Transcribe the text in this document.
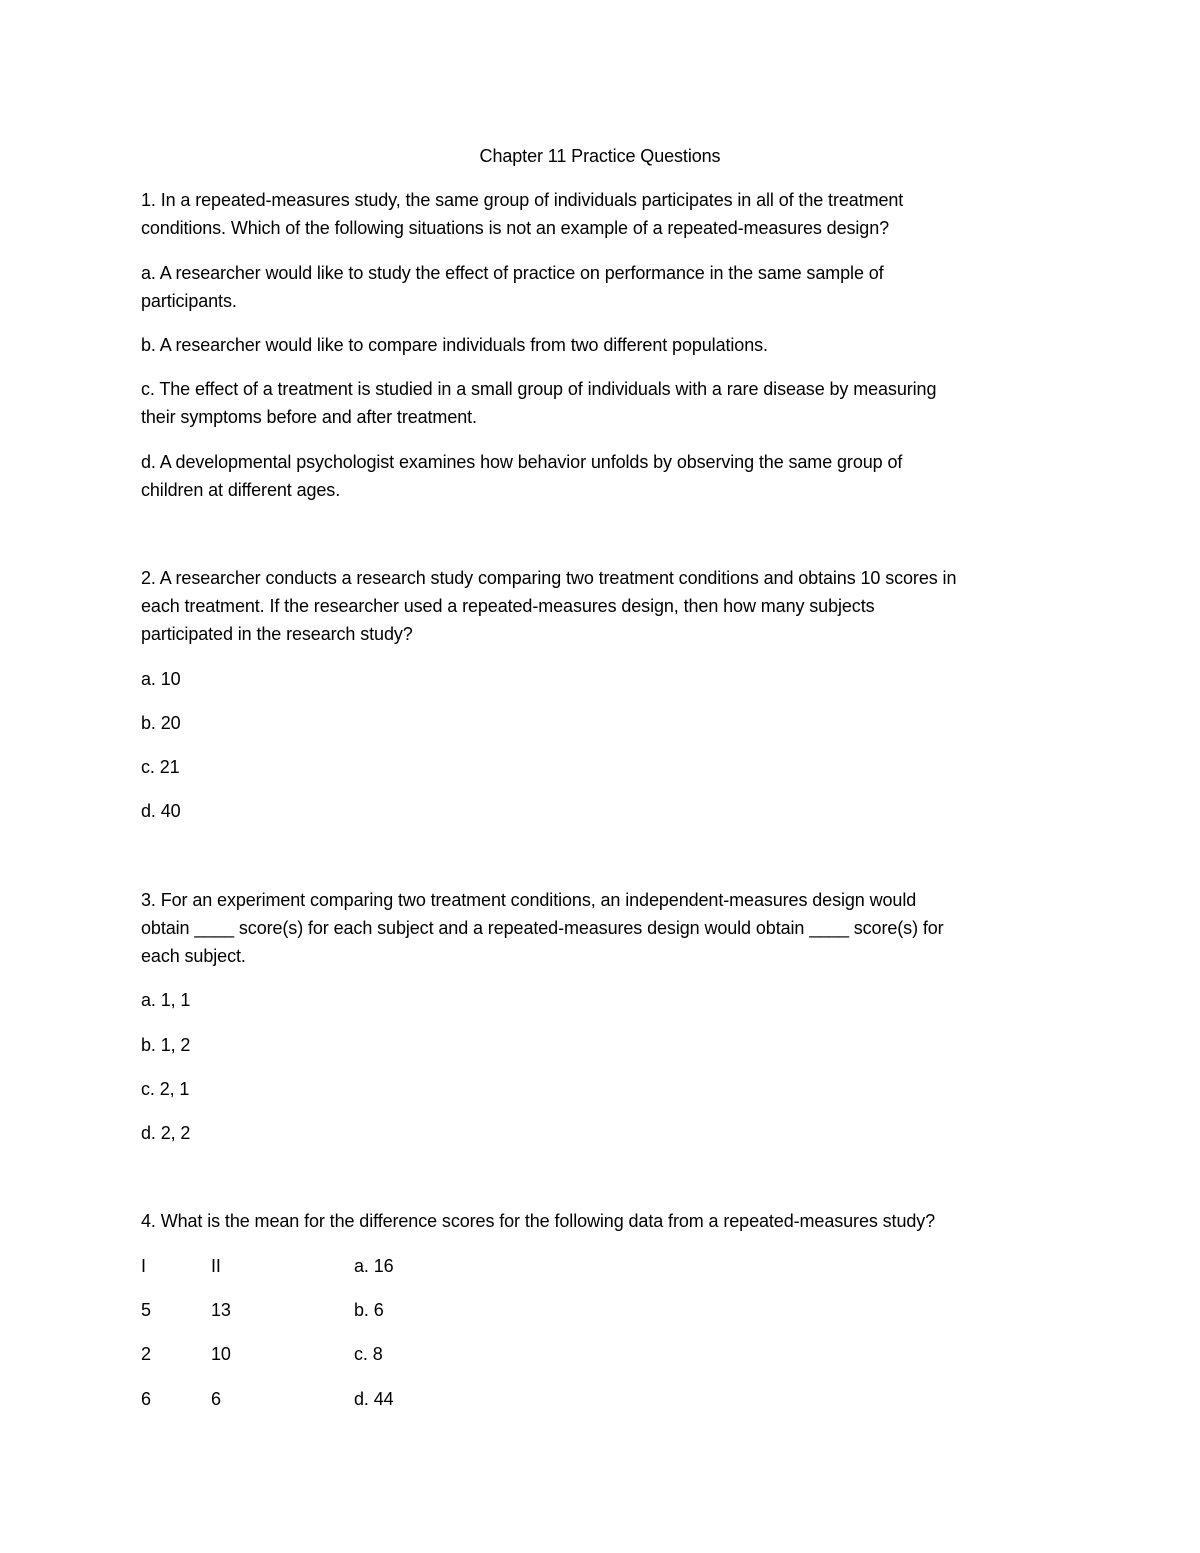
Chapter 11 Practice Questions
1. In a repeated-measures study, the same group of individuals participates in all of the treatment
conditions. Which of the following situations is not an example of a repeated-measures design?
a. A researcher would like to study the effect of practice on performance in the same sample of
participants.
b. A researcher would like to compare individuals from two different populations.
c. The effect of a treatment is studied in a small group of individuals with a rare disease by measuring
their symptoms before and after treatment.
d. A developmental psychologist examines how behavior unfolds by observing the same group of
children at different ages.
2. A researcher conducts a research study comparing two treatment conditions and obtains 10 scores in
each treatment. If the researcher used a repeated-measures design, then how many subjects
participated in the research study?
a. 10
b. 20
c. 21
d. 40
3. For an experiment comparing two treatment conditions, an independent-measures design would
obtain ____ score(s) for each subject and a repeated-measures design would obtain ____ score(s) for
each subject.
a. 1, 1
b. 1, 2
c. 2, 1
d. 2, 2
4. What is the mean for the difference scores for the following data from a repeated-measures study?
I	II	a. 16
5	13	b. 6
2	10	c. 8
6	6	d. 44
